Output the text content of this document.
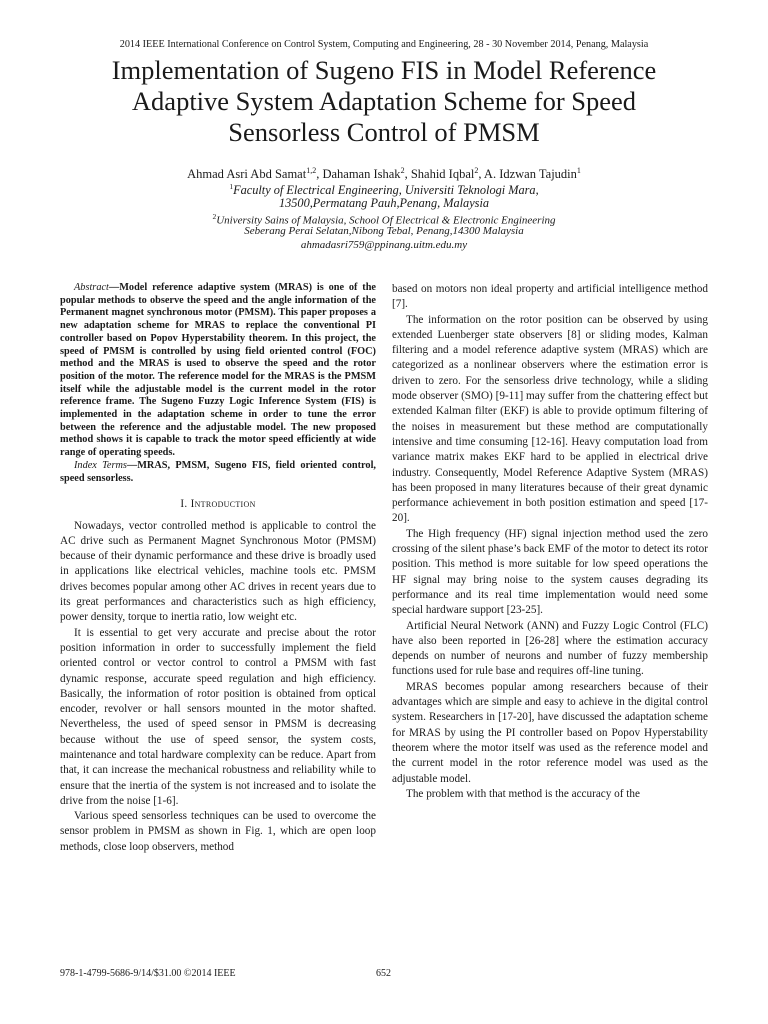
2014 IEEE International Conference on Control System, Computing and Engineering, 28 - 30 November 2014, Penang, Malaysia
Implementation of Sugeno FIS in Model Reference Adaptive System Adaptation Scheme for Speed Sensorless Control of PMSM
Ahmad Asri Abd Samat$^{1,2}$, Dahaman Ishak$^2$, Shahid Iqbal$^2$, A. Idzwan Tajudin$^1$
$^1$Faculty of Electrical Engineering, Universiti Teknologi Mara,
13500,Permatang Pauh,Penang, Malaysia
$^2$University Sains of Malaysia, School Of Electrical & Electronic Engineering
Seberang Perai Selatan,Nibong Tebal, Penang,14300 Malaysia
ahmadasri759@ppinang.uitm.edu.my

Abstract—Model reference adaptive system (MRAS) is one of the popular methods to observe the speed and the angle information of the Permanent magnet synchronous motor (PMSM). This paper proposes a new adaptation scheme for MRAS to replace the conventional PI controller based on Popov Hyperstability theorem. In this project, the speed of PMSM is controlled by using field oriented control (FOC) method and the MRAS is used to observe the speed and the rotor position of the motor. The reference model for the MRAS is the PMSM itself while the adjustable model is the current model in the rotor reference frame. The Sugeno Fuzzy Logic Inference System (FIS) is implemented in the adaptation scheme in order to tune the error between the reference and the adjustable model. The new proposed method shows it is capable to track the motor speed efficiently at wide range of operating speeds.

Index Terms—MRAS, PMSM, Sugeno FIS, field oriented control, speed sensorless.

I. Introduction

Nowadays, vector controlled method is applicable to control the AC drive such as Permanent Magnet Synchronous Motor (PMSM) because of their dynamic performance and these drive is broadly used in applications like electrical vehicles, machine tools etc. PMSM drives becomes popular among other AC drives in recent years due to its great performances and characteristics such as high efficiency, power density, torque to inertia ratio, low weight etc.

It is essential to get very accurate and precise about the rotor position information in order to successfully implement the field oriented control or vector control to control a PMSM with fast dynamic response, accurate speed regulation and high efficiency. Basically, the information of rotor position is obtained from optical encoder, revolver or hall sensors mounted in the motor shafted. Nevertheless, the used of speed sensor in PMSM is decreasing because without the use of speed sensor, the system costs, maintenance and total hardware complexity can be reduce. Apart from that, it can increase the mechanical robustness and reliability while to ensure that the inertia of the system is not increased and to isolate the drive from the noise [1-6].

Various speed sensorless techniques can be used to overcome the sensor problem in PMSM as shown in Fig. 1, which are open loop methods, close loop observers, method

based on motors non ideal property and artificial intelligence method [7].

The information on the rotor position can be observed by using extended Luenberger state observers [8] or sliding modes, Kalman filtering and a model reference adaptive system (MRAS) which are categorized as a nonlinear observers where the estimation error is driven to zero. For the sensorless drive technology, while a sliding mode observer (SMO) [9-11] may suffer from the chattering effect but extended Kalman filter (EKF) is able to provide optimum filtering of the noises in measurement but these method are computationally intensive and time consuming [12-16]. Heavy computation load from variance matrix makes EKF hard to be applied in electrical drive industry. Consequently, Model Reference Adaptive System (MRAS) has been proposed in many literatures because of their great dynamic performance achievement in both position estimation and speed [17-20].

The High frequency (HF) signal injection method used the zero crossing of the silent phase’s back EMF of the motor to detect its rotor position. This method is more suitable for low speed operations the HF signal may bring noise to the system causes degrading its performance and its real time implementation would need some special hardware support [23-25].

Artificial Neural Network (ANN) and Fuzzy Logic Control (FLC) have also been reported in [26-28] where the estimation accuracy depends on number of neurons and number of fuzzy membership functions used for rule base and requires off-line tuning.

MRAS becomes popular among researchers because of their advantages which are simple and easy to achieve in the digital control system. Researchers in [17-20], have discussed the adaptation scheme for MRAS by using the PI controller based on Popov Hyperstability theorem where the motor itself was used as the reference model and the current model in the rotor reference model was used as the adjustable model.

The problem with that method is the accuracy of the

978-1-4799-5686-9/14/$31.00 ©2014 IEEE	652
